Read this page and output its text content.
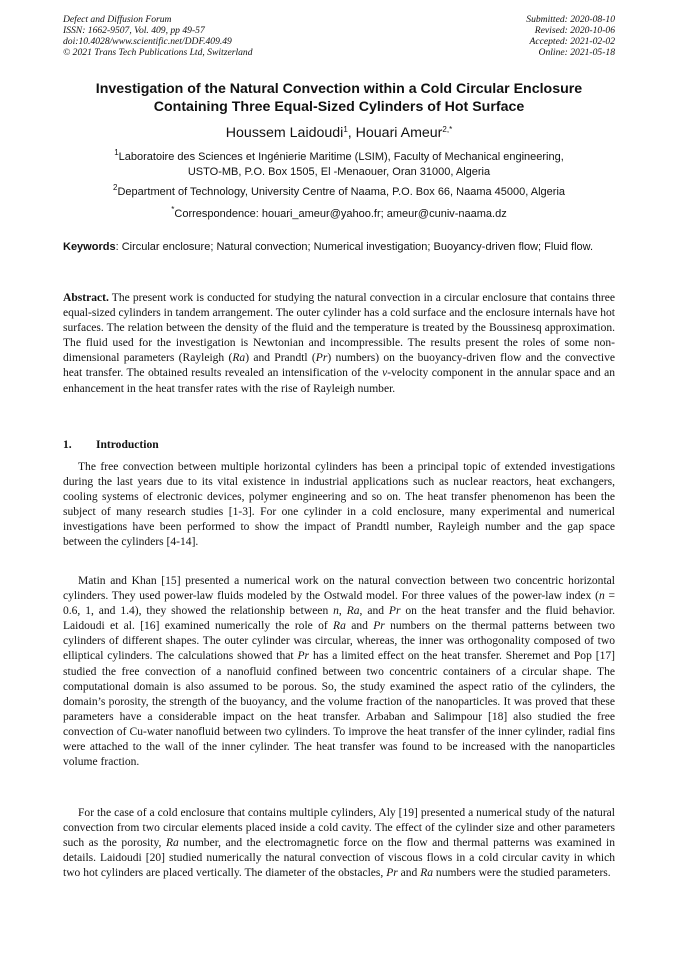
Defect and Diffusion Forum
ISSN: 1662-9507, Vol. 409, pp 49-57
doi:10.4028/www.scientific.net/DDF.409.49
© 2021 Trans Tech Publications Ltd, Switzerland
Submitted: 2020-08-10
Revised: 2020-10-06
Accepted: 2021-02-02
Online: 2021-05-18
Investigation of the Natural Convection within a Cold Circular Enclosure
Containing Three Equal-Sized Cylinders of Hot Surface
Houssem Laidoudi$^1$, Houari Ameur$^{2,*}$
$^1$Laboratoire des Sciences et Ingénierie Maritime (LSIM), Faculty of Mechanical engineering,
USTO-MB, P.O. Box 1505, El -Menaouer, Oran 31000, Algeria
$^2$Department of Technology, University Centre of Naama, P.O. Box 66, Naama 45000, Algeria
*Correspondence: houari_ameur@yahoo.fr; ameur@cuniv-naama.dz
Keywords: Circular enclosure; Natural convection; Numerical investigation; Buoyancy-driven flow; Fluid flow.

Abstract. The present work is conducted for studying the natural convection in a circular enclosure that contains three equal-sized cylinders in tandem arrangement. The outer cylinder has a cold surface and the enclosure internals have hot surfaces. The relation between the density of the fluid and the temperature is treated by the Boussinesq approximation. The fluid used for the investigation is Newtonian and incompressible. The results present the roles of some non-dimensional parameters (Rayleigh (Ra) and Prandtl (Pr) numbers) on the buoyancy-driven flow and the convective heat transfer. The obtained results revealed an intensification of the v-velocity component in the annular space and an enhancement in the heat transfer rates with the rise of Rayleigh number.

1. Introduction

The free convection between multiple horizontal cylinders has been a principal topic of extended investigations during the last years due to its vital existence in industrial applications such as nuclear reactors, heat exchangers, cooling systems of electronic devices, polymer engineering and so on. The heat transfer phenomenon has been the subject of many research studies [1-3]. For one cylinder in a cold enclosure, many experimental and numerical investigations have been performed to show the impact of Prandtl number, Rayleigh number and the gap space between the cylinders [4-14].

Matin and Khan [15] presented a numerical work on the natural convection between two concentric horizontal cylinders. They used power-law fluids modeled by the Ostwald model. For three values of the power-law index (n = 0.6, 1, and 1.4), they showed the relationship between n, Ra, and Pr on the heat transfer and the fluid behavior. Laidoudi et al. [16] examined numerically the role of Ra and Pr numbers on the thermal patterns between two cylinders of different shapes. The outer cylinder was circular, whereas, the inner was orthogonality composed of two elliptical cylinders. The calculations showed that Pr has a limited effect on the heat transfer. Sheremet and Pop [17] studied the free convection of a nanofluid confined between two concentric containers of a circular shape. The computational domain is also assumed to be porous. So, the study examined the aspect ratio of the cylinders, the domain’s porosity, the strength of the buoyancy, and the volume fraction of the nanoparticles. It was proved that these parameters have a considerable impact on the heat transfer. Arbaban and Salimpour [18] also studied the free convection of Cu-water nanofluid between two cylinders. To improve the heat transfer of the inner cylinder, radial fins were attached to the wall of the inner cylinder. The heat transfer was found to be increased with the nanoparticles volume fraction.

For the case of a cold enclosure that contains multiple cylinders, Aly [19] presented a numerical study of the natural convection from two circular elements placed inside a cold cavity. The effect of the cylinder size and other parameters such as the porosity, Ra number, and the electromagnetic force on the flow and thermal patterns was examined in details. Laidoudi [20] studied numerically the natural convection of viscous flows in a cold circular cavity in which two hot cylinders are placed vertically. The diameter of the obstacles, Pr and Ra numbers were the studied parameters.
